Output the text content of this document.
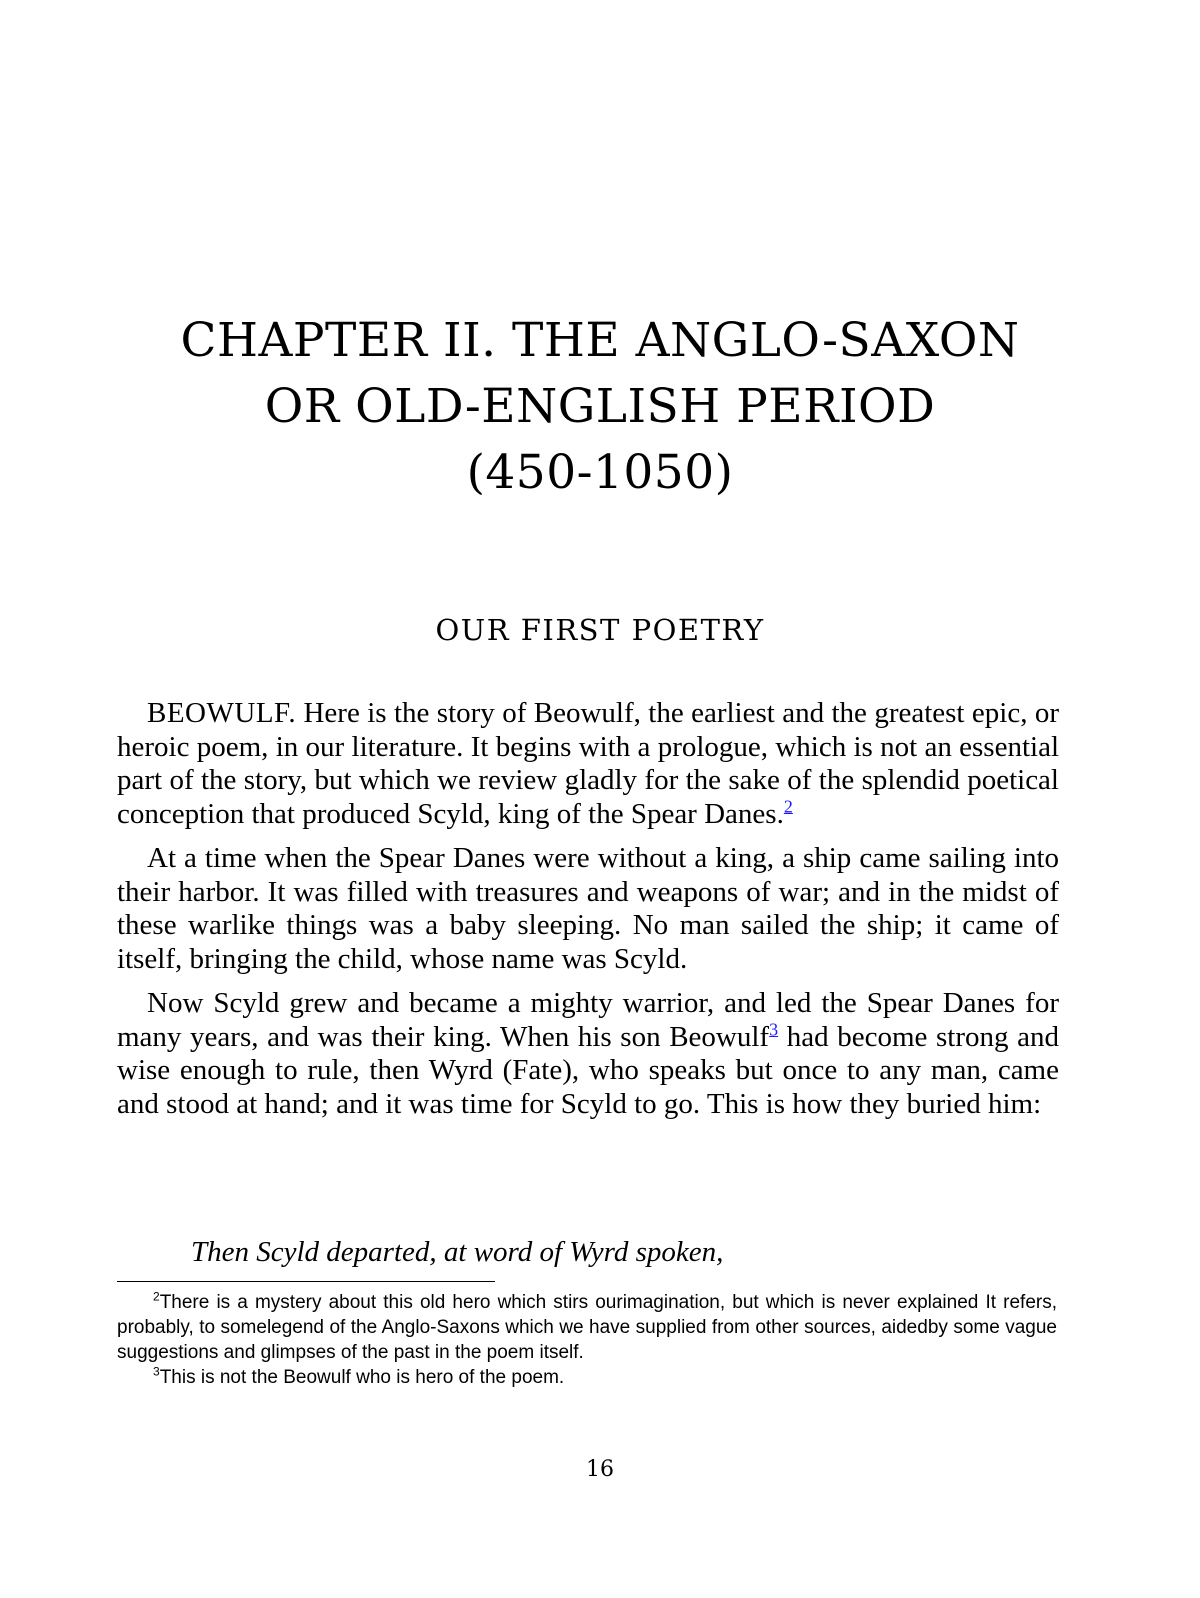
CHAPTER II. THE ANGLO-SAXON
OR OLD-ENGLISH PERIOD
(450-1050)
OUR FIRST POETRY

BEOWULF. Here is the story of Beowulf, the earliest and the greatest epic, or heroic poem, in our literature. It begins with a prologue, which is not an essential part of the story, but which we review gladly for the sake of the splendid poetical conception that produced Scyld, king of the Spear Danes.$^2$

At a time when the Spear Danes were without a king, a ship came sailing into their harbor. It was filled with treasures and weapons of war; and in the midst of these warlike things was a baby sleeping. No man sailed the ship; it came of itself, bringing the child, whose name was Scyld.

Now Scyld grew and became a mighty warrior, and led the Spear Danes for many years, and was their king. When his son Beowulf$^3$ had become strong and wise enough to rule, then Wyrd (Fate), who speaks but once to any man, came and stood at hand; and it was time for Scyld to go. This is how they buried him:

Then Scyld departed, at word of Wyrd spoken,

$^2$There is a mystery about this old hero which stirs ourimagination, but which is never explained It refers, probably, to somelegend of the Anglo-Saxons which we have supplied from other sources, aidedby some vague suggestions and glimpses of the past in the poem itself.

$^3$This is not the Beowulf who is hero of the poem.

16
